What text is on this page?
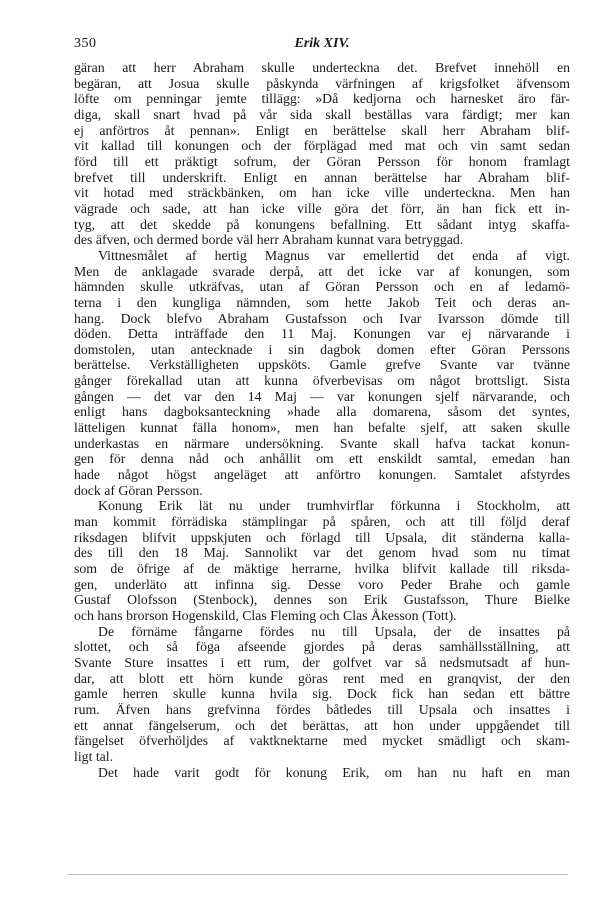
350	Erik XIV.
gäran att herr Abraham skulle underteckna det. Brefvet innehöll en
begäran, att Josua skulle påskynda värfningen af krigsfolket äfvensom
löfte om penningar jemte tillägg: »Då kedjorna och harnesket äro fär-
diga, skall snart hvad på vår sida skall beställas vara färdigt; mer kan
ej anförtros åt pennan». Enligt en berättelse skall herr Abraham blif-
vit kallad till konungen och der förplägad med mat och vin samt sedan
förd till ett präktigt sofrum, der Göran Persson för honom framlagt
brefvet till underskrift. Enligt en annan berättelse har Abraham blif-
vit hotad med sträckbänken, om han icke ville underteckna. Men han
vägrade och sade, att han icke ville göra det förr, än han fick ett in-
tyg, att det skedde på konungens befallning. Ett sådant intyg skaffa-
des äfven, och dermed borde väl herr Abraham kunnat vara betryggad.
Vittnesmålet af hertig Magnus var emellertid det enda af vigt.
Men de anklagade svarade derpå, att det icke var af konungen, som
hämnden skulle utkräfvas, utan af Göran Persson och en af ledamö-
terna i den kungliga nämnden, som hette Jakob Teit och deras an-
hang. Dock blefvo Abraham Gustafsson och Ivar Ivarsson dömde till
döden. Detta inträffade den 11 Maj. Konungen var ej närvarande i
domstolen, utan antecknade i sin dagbok domen efter Göran Perssons
berättelse. Verkställigheten uppsköts. Gamle grefve Svante var tvänne
gånger förekallad utan att kunna öfverbevisas om något brottsligt. Sista
gången — det var den 14 Maj — var konungen sjelf närvarande, och
enligt hans dagboksanteckning »hade alla domarena, såsom det syntes,
lätteligen kunnat fälla honom», men han befalte sjelf, att saken skulle
underkastas en närmare undersökning. Svante skall hafva tackat konun-
gen för denna nåd och anhållit om ett enskildt samtal, emedan han
hade något högst angeläget att anförtro konungen. Samtalet afstyrdes
dock af Göran Persson.
Konung Erik lät nu under trumhvirflar förkunna i Stockholm, att
man kommit förrädiska stämplingar på spåren, och att till följd deraf
riksdagen blifvit uppskjuten och förlagd till Upsala, dit ständerna kalla-
des till den 18 Maj. Sannolikt var det genom hvad som nu timat
som de öfrige af de mäktige herrarne, hvilka blifvit kallade till riksda-
gen, underläto att infinna sig. Desse voro Peder Brahe och gamle
Gustaf Olofsson (Stenbock), dennes son Erik Gustafsson, Thure Bielke
och hans brorson Hogenskild, Clas Fleming och Clas Åkesson (Tott).
De förnäme fångarne fördes nu till Upsala, der de insattes på
slottet, och så föga afseende gjordes på deras samhällsställning, att
Svante Sture insattes i ett rum, der golfvet var så nedsmutsadt af hun-
dar, att blott ett hörn kunde göras rent med en granqvist, der den
gamle herren skulle kunna hvila sig. Dock fick han sedan ett bättre
rum. Äfven hans grefvinna fördes båtledes till Upsala och insattes i
ett annat fängelserum, och det berättas, att hon under uppgåendet till
fängelset öfverhöljdes af vaktknektarne med mycket smädligt och skam-
ligt tal.
Det hade varit godt för konung Erik, om han nu haft en man
